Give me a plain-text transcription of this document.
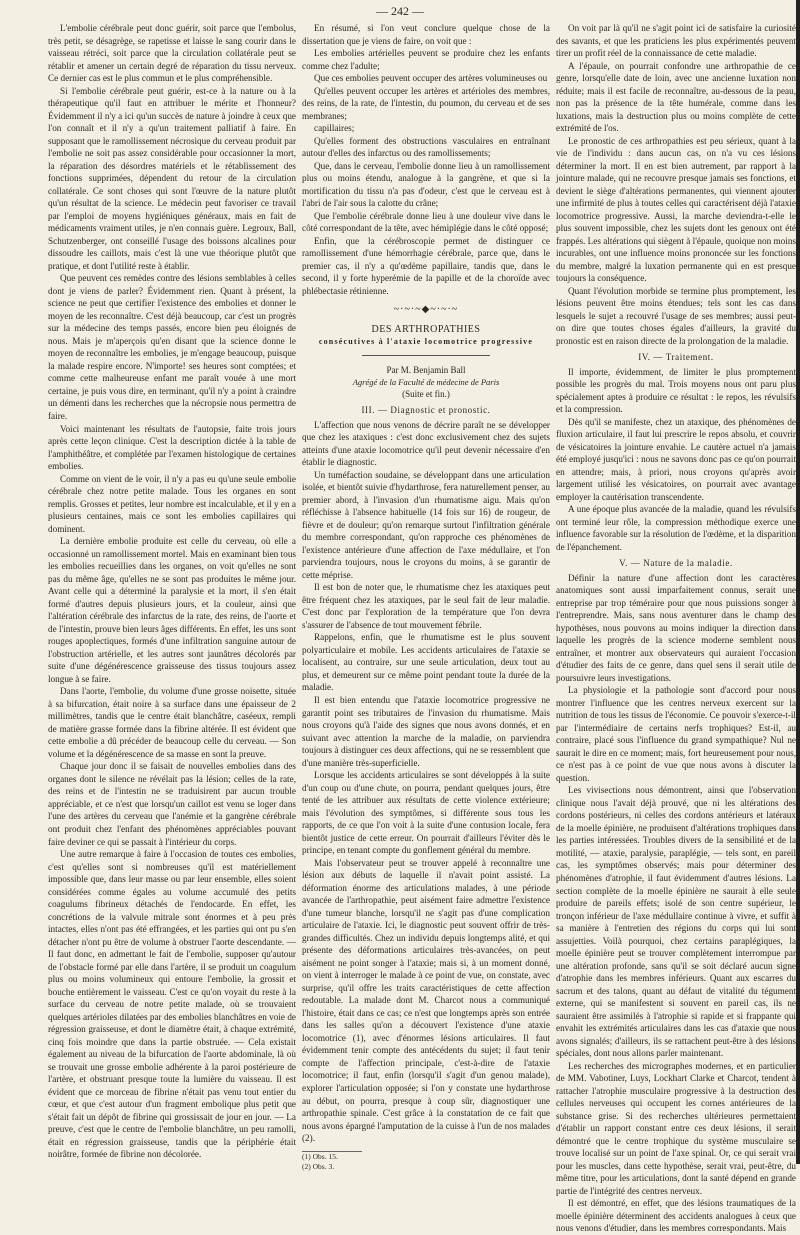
— 242 —

L'embolie cérébrale peut donc guérir, soit parce que l'embolus, très petit, se désagrège, se rapetisse et laisse le sang courir dans le vaisseau rétréci, soit parce que la circulation collatérale peut se rétablir et amener un certain degré de réparation du tissu nerveux. Ce dernier cas est le plus commun et le plus compréhensible.

Si l'embolie cérébrale peut guérir, est-ce à la nature ou à la thérapeutique qu'il faut en attribuer le mérite et l'honneur? Évidemment il n'y a ici qu'un succès de nature à joindre à ceux que l'on connaît et il n'y a qu'un traitement palliatif à faire. En supposant que le ramollissement nécrosique du cerveau produit par l'embolie ne soit pas assez considérable pour occasionner la mort, la réparation des désordres matériels et le rétablissement des fonctions supprimées, dépendent du retour de la circulation collatérale. Ce sont choses qui sont l'œuvre de la nature plutôt qu'un résultat de la science. Le médecin peut favoriser ce travail par l'emploi de moyens hygiéniques généraux, mais en fait de médicaments vraiment utiles, je n'en connais guère. Legroux, Ball, Schutzenberger, ont conseillé l'usage des boissons alcalines pour dissoudre les caillots, mais c'est là une vue théorique plutôt que pratique, et dont l'utilité reste à établir.

Que peuvent ces remèdes contre des lésions semblables à celles dont je viens de parler? Évidemment rien. Quant à présent, la science ne peut que certifier l'existence des embolies et donner le moyen de les reconnaître. C'est déjà beaucoup, car c'est un progrès sur la médecine des temps passés, encore bien peu éloignés de nous. Mais je m'aperçois qu'en disant que la science donne le moyen de reconnaître les embolies, je m'engage beaucoup, puisque la malade respire encore. N'importe! ses heures sont comptées; et comme cette malheureuse enfant me paraît vouée à une mort certaine, je puis vous dire, en terminant, qu'il n'y a point à craindre un démenti dans les recherches que la nécropsie nous permettra de faire.

Voici maintenant les résultats de l'autopsie, faite trois jours après cette leçon clinique. C'est la description dictée à la table de l'amphithéâtre, et complétée par l'examen histologique de certaines embolies.

Comme on vient de le voir, il n'y a pas eu qu'une seule embolie cérébrale chez notre petite malade. Tous les organes en sont remplis. Grosses et petites, leur nombre est incalculable, et il y en a plusieurs centaines, mais ce sont les embolies capillaires qui dominent.

La dernière embolie produite est celle du cerveau, où elle a occasionné un ramollissement mortel. Mais en examinant bien tous les embolies recueillies dans les organes, on voit qu'elles ne sont pas du même âge, qu'elles ne se sont pas produites le même jour. Avant celle qui a déterminé la paralysie et la mort, il s'en était formé d'autres depuis plusieurs jours, et la couleur, ainsi que l'altération cérébrale des infarctus de la rate, des reins, de l'aorte et de l'intestin, prouve bien leurs âges différents. En effet, les uns sont rouges apoplectiques, formés d'une infiltration sanguine autour de l'obstruction artérielle, et les autres sont jaunâtres décolorés par suite d'une dégénérescence graisseuse des tissus toujours assez longue à se faire.

Dans l'aorte, l'embolie, du volume d'une grosse noisette, située à sa bifurcation, était noire à sa surface dans une épaisseur de 2 millimètres, tandis que le centre était blanchâtre, caséeux, rempli de matière grasse formée dans la fibrine altérée. Il est évident que cette embolie a dû précéder de beaucoup celle du cerveau. — Son volume et la dégénérescence de sa masse en sont la preuve.

Chaque jour donc il se faisait de nouvelles embolies dans des organes dont le silence ne révélait pas la lésion; celles de la rate, des reins et de l'intestin ne se traduisirent par aucun trouble appréciable, et ce n'est que lorsqu'un caillot est venu se loger dans l'une des artères du cerveau que l'anémie et la gangrène cérébrale ont produit chez l'enfant des phénomènes appréciables pouvant faire deviner ce qui se passait à l'intérieur du corps.

Une autre remarque à faire à l'occasion de toutes ces embolies, c'est qu'elles sont si nombreuses qu'il est matériellement impossible que, dans leur masse ou par leur ensemble, elles soient considérées comme égales au volume accumulé des petits coagulums fibrineux détachés de l'endocarde. En effet, les concrétions de la valvule mitrale sont énormes et à peu près intactes, elles n'ont pas été effrangées, et les parties qui ont pu s'en détacher n'ont pu être de volume à obstruer l'aorte descendante. — Il faut donc, en admettant le fait de l'embolie, supposer qu'autour de l'obstacle formé par elle dans l'artère, il se produit un coagulum plus ou moins volumineux qui entoure l'embolie, la grossit et bouche entièrement le vaisseau. C'est ce qu'on voyait du reste à la surface du cerveau de notre petite malade, où se trouvaient quelques artérioles dilatées par des embolies blanchâtres en voie de régression graisseuse, et dont le diamètre était, à chaque extrémité, cinq fois moindre que dans la partie obstruée. — Cela existait également au niveau de la bifurcation de l'aorte abdominale, là où se trouvait une grosse embolie adhérente à la paroi postérieure de l'artère, et obstruant presque toute la lumière du vaisseau. Il est évident que ce morceau de fibrine n'était pas venu tout entier du cœur, et que c'est autour d'un fragment embolique plus petit que s'était fait un dépôt de fibrine qui grossissait de jour en jour. — La preuve, c'est que le centre de l'embolie blanchâtre, un peu ramolli, était en régression graisseuse, tandis que la périphérie était noirâtre, formée de fibrine non décolorée.

En résumé, si l'on veut conclure quelque chose de la dissertation que je viens de faire, on voit que :

Les embolies artérielles peuvent se produire chez les enfants comme chez l'adulte;

Que ces embolies peuvent occuper des artères volumineuses ou

Qu'elles peuvent occuper les artères et artérioles des membres, des reins, de la rate, de l'intestin, du poumon, du cerveau et de ses membranes;

capillaires;

Qu'elles forment des obstructions vasculaires en entraînant autour d'elles des infarctus ou des ramollissements;

Que, dans le cerveau, l'embolie donne lieu à un ramollissement plus ou moins étendu, analogue à la gangrène, et que si la mortification du tissu n'a pas d'odeur, c'est que le cerveau est à l'abri de l'air sous la calotte du crâne;

Que l'embolie cérébrale donne lieu à une douleur vive dans le côté correspondant de la tête, avec hémiplégie dans le côté opposé;

Enfin, que la cérébroscopie permet de distinguer ce ramollissement d'une hémorrhagie cérébrale, parce que, dans le premier cas, il n'y a qu'œdème papillaire, tandis que, dans le second, il y forte hyperémie de la papille et de la choroïde avec phlébectasie rétinienne.

~·~·~◆~·~·~

DES ARTHROPATHIES

consécutives à l'ataxie locomotrice progressive

Par M. Benjamin Ball

Agrégé de la Faculté de médecine de Paris

(Suite et fin.)

III. — Diagnostic et pronostic.

L'affection que nous venons de décrire paraît ne se développer que chez les ataxiques : c'est donc exclusivement chez des sujets atteints d'une ataxie locomotrice qu'il peut devenir nécessaire d'en établir le diagnostic.

Un tuméfaction soudaine, se développant dans une articulation isolée, et bientôt suivie d'hydarthrose, fera naturellement penser, au premier abord, à l'invasion d'un rhumatisme aigu. Mais qu'on réfléchisse à l'absence habituelle (14 fois sur 16) de rougeur, de fièvre et de douleur; qu'on remarque surtout l'infiltration générale du membre correspondant, qu'on rapproche ces phénomènes de l'existence antérieure d'une affection de l'axe médullaire, et l'on parviendra toujours, nous le croyons du moins, à se garantir de cette méprise.

Il est bon de noter que, le rhumatisme chez les ataxiques peut être fréquent chez les ataxiques, par le seul fait de leur maladie. C'est donc par l'exploration de la température que l'on devra s'assurer de l'absence de tout mouvement fébrile.

Rappelons, enfin, que le rhumatisme est le plus souvent polyarticulaire et mobile. Les accidents articulaires de l'ataxie se localisent, au contraire, sur une seule articulation, deux tout au plus, et demeurent sur ce même point pendant toute la durée de la maladie.

Il est bien entendu que l'ataxie locomotrice progressive ne garantit point ses tributaires de l'invasion du rhumatisme. Mais nous croyons qu'à l'aide des signes que nous avons donnés, et en suivant avec attention la marche de la maladie, on parviendra toujours à distinguer ces deux affections, qui ne se ressemblent que d'une manière très-superficielle.

Lorsque les accidents articulaires se sont développés à la suite d'un coup ou d'une chute, on pourra, pendant quelques jours, être tenté de les attribuer aux résultats de cette violence extérieure; mais l'évolution des symptômes, si différente sous tous les rapports, de ce que l'on voit à la suite d'une contusion locale, fera bientôt justice de cette erreur. On pourrait d'ailleurs l'éviter dès le principe, en tenant compte du gonflement général du membre.

Mais l'observateur peut se trouver appelé à reconnaître une lésion aux débuts de laquelle il n'avait point assisté. La déformation énorme des articulations malades, à une période avancée de l'arthropathie, peut aisément faire admettre l'existence d'une tumeur blanche, lorsqu'il ne s'agit pas d'une complication articulaire de l'ataxie. Ici, le diagnostic peut souvent offrir de très-grandes difficultés. Chez un individu depuis longtemps alité, et qui présente des déformations articulaires très-avancées, on peut aisément ne point songer à l'ataxie; mais si, à un moment donné, on vient à interroger le malade à ce point de vue, on constate, avec surprise, qu'il offre les traits caractéristiques de cette affection redoutable. La malade dont M. Charcot nous a communiqué l'histoire, était dans ce cas; ce n'est que longtemps après son entrée dans les salles qu'on a découvert l'existence d'une ataxie locomotrice (1), avec d'énormes lésions articulaires. Il faut évidemment tenir compte des antécédents du sujet; il faut tenir compte de l'affection principale, c'est-à-dire de l'ataxie locomotrice; il faut, enfin (lorsqu'il s'agit d'un genou malade), explorer l'articulation opposée; si l'on y constate une hydarthrose au début, on pourra, presque à coup sûr, diagnostiquer une arthropathie spinale. C'est grâce à la constatation de ce fait que nous avons épargné l'amputation de la cuisse à l'un de nos malades (2).

(1) Obs. 15.

(2) Obs. 3.

On voit par là qu'il ne s'agit point ici de satisfaire la curiosité des savants, et que les praticiens les plus expérimentés peuvent tirer un profit réel de la connaissance de cette maladie.

A l'épaule, on pourrait confondre une arthropathie de ce genre, lorsqu'elle date de loin, avec une ancienne luxation non réduite; mais il est facile de reconnaître, au-dessous de la peau, non pas la présence de la tête humérale, comme dans les luxations, mais la destruction plus ou moins complète de cette extrémité de l'os.

Le pronostic de ces arthropathies est peu sérieux, quant à la vie de l'individu : dans aucun cas, on n'a vu ces lésions déterminer la mort. Il en est bien autrement, par rapport à la jointure malade, qui ne recouvre presque jamais ses fonctions, et devient le siège d'altérations permanentes, qui viennent ajouter une infirmité de plus à toutes celles qui caractérisent déjà l'ataxie locomotrice progressive. Aussi, la marche deviendra-t-elle le plus souvent impossible, chez les sujets dont les genoux ont été frappés. Les altérations qui siègent à l'épaule, quoique non moins incurables, ont une influence moins prononcée sur les fonctions du membre, malgré la luxation permanente qui en est presque toujours la conséquence.

Quant l'évolution morbide se termine plus promptement, les lésions peuvent être moins étendues; tels sont les cas dans lesquels le sujet a recouvré l'usage de ses membres; aussi peut-on dire que toutes choses égales d'ailleurs, la gravité du pronostic est en raison directe de la prolongation de la maladie.

IV. — Traitement.

Il importe, évidemment, de limiter le plus promptement possible les progrès du mal. Trois moyens nous ont paru plus spécialement aptes à produire ce résultat : le repos, les révulsifs et la compression.

Dès qu'il se manifeste, chez un ataxique, des phénomènes de fluxion articulaire, il faut lui prescrire le repos absolu, et couvrir de vésicatoires la jointure envahie. Le cautère actuel n'a jamais été employé jusqu'ici : nous ne savons donc pas ce qu'on pourrait en attendre; mais, à priori, nous croyons qu'après avoir largement utilisé les vésicatoires, on pourrait avec avantage employer la cautérisation transcendente.

A une époque plus avancée de la maladie, quand les révulsifs ont terminé leur rôle, la compression méthodique exerce une influence favorable sur la résolution de l'œdème, et la disparition de l'épanchement.

V. — Nature de la maladie.

Définir la nature d'une affection dont les caractères anatomiques sont aussi imparfaitement connus, serait une entreprise par trop téméraire pour que nous puissions songer à l'entreprendre. Mais, sans nous aventurer dans le champ des hypothèses, nous pouvons au moins indiquer la direction dans laquelle les progrès de la science moderne semblent nous entraîner, et montrer aux observateurs qui auraient l'occasion d'étudier des faits de ce genre, dans quel sens il serait utile de poursuivre leurs investigations.

La physiologie et la pathologie sont d'accord pour nous montrer l'influence que les centres nerveux exercent sur la nutrition de tous les tissus de l'économie. Ce pouvoir s'exerce-t-il par l'intermédiaire de certains nerfs trophiques? Est-il, au contraire, placé sous l'influence du grand sympathique? Nul ne saurait le dire en ce moment; mais, fort heureusement pour nous, ce n'est pas à ce point de vue que nous avons à discuter la question.

Les vivisections nous démontrent, ainsi que l'observation clinique nous l'avait déjà prouvé, que ni les altérations des cordons postérieurs, ni celles des cordons antérieurs et latéraux de la moelle épinière, ne produisent d'altérations trophiques dans les parties intéressées. Troubles divers de la sensibilité et de la motilité, — ataxie, paralysie, paraplégie, — tels sont, en pareil cas, les symptômes observés; mais pour déterminer des phénomènes d'atrophie, il faut évidemment d'autres lésions. La section complète de la moelle épinière ne saurait à elle seule produire de pareils effets; isolé de son centre supérieur, le tronçon inférieur de l'axe médullaire continue à vivre, et suffit à sa manière à l'entretien des régions du corps qui lui sont assujetties. Voilà pourquoi, chez certains paraplégiques, la moelle épinière peut se trouver complètement interrompue par une altération profonde, sans qu'il se soit déclaré aucun signe d'atrophie dans les membres inférieurs. Quant aux escarres du sacrum et des talons, quant au défaut de vitalité du tégument externe, qui se manifestent si souvent en pareil cas, ils ne sauraient être assimilés à l'atrophie si rapide et si frappante qui envahit les extrémités articulaires dans les cas d'ataxie que nous avons signalés; d'ailleurs, ils se rattachent peut-être à des lésions spéciales, dont nous allons parler maintenant.

Les recherches des micrographes modernes, et en particulier de MM. Vabotiner, Luys, Lockhart Clarke et Charcot, tendent à rattacher l'atrophie musculaire progressive à la destruction des cellules nerveuses qui occupent les cornes antérieures de la substance grise. Si des recherches ultérieures permettaient d'établir un rapport constant entre ces deux lésions, il serait démontré que le centre trophique du système musculaire se trouve localisé sur un point de l'axe spinal. Or, ce qui serait vrai pour les muscles, dans cette hypothèse, serait vrai, peut-être, du même titre, pour les articulations, dont la santé dépend en grande partie de l'intégrité des centres nerveux.

Il est démontré, en effet, que des lésions traumatiques de la moelle épinière déterminent des accidents analogues à ceux que nous venons d'étudier, dans les membres correspondants. Mais
